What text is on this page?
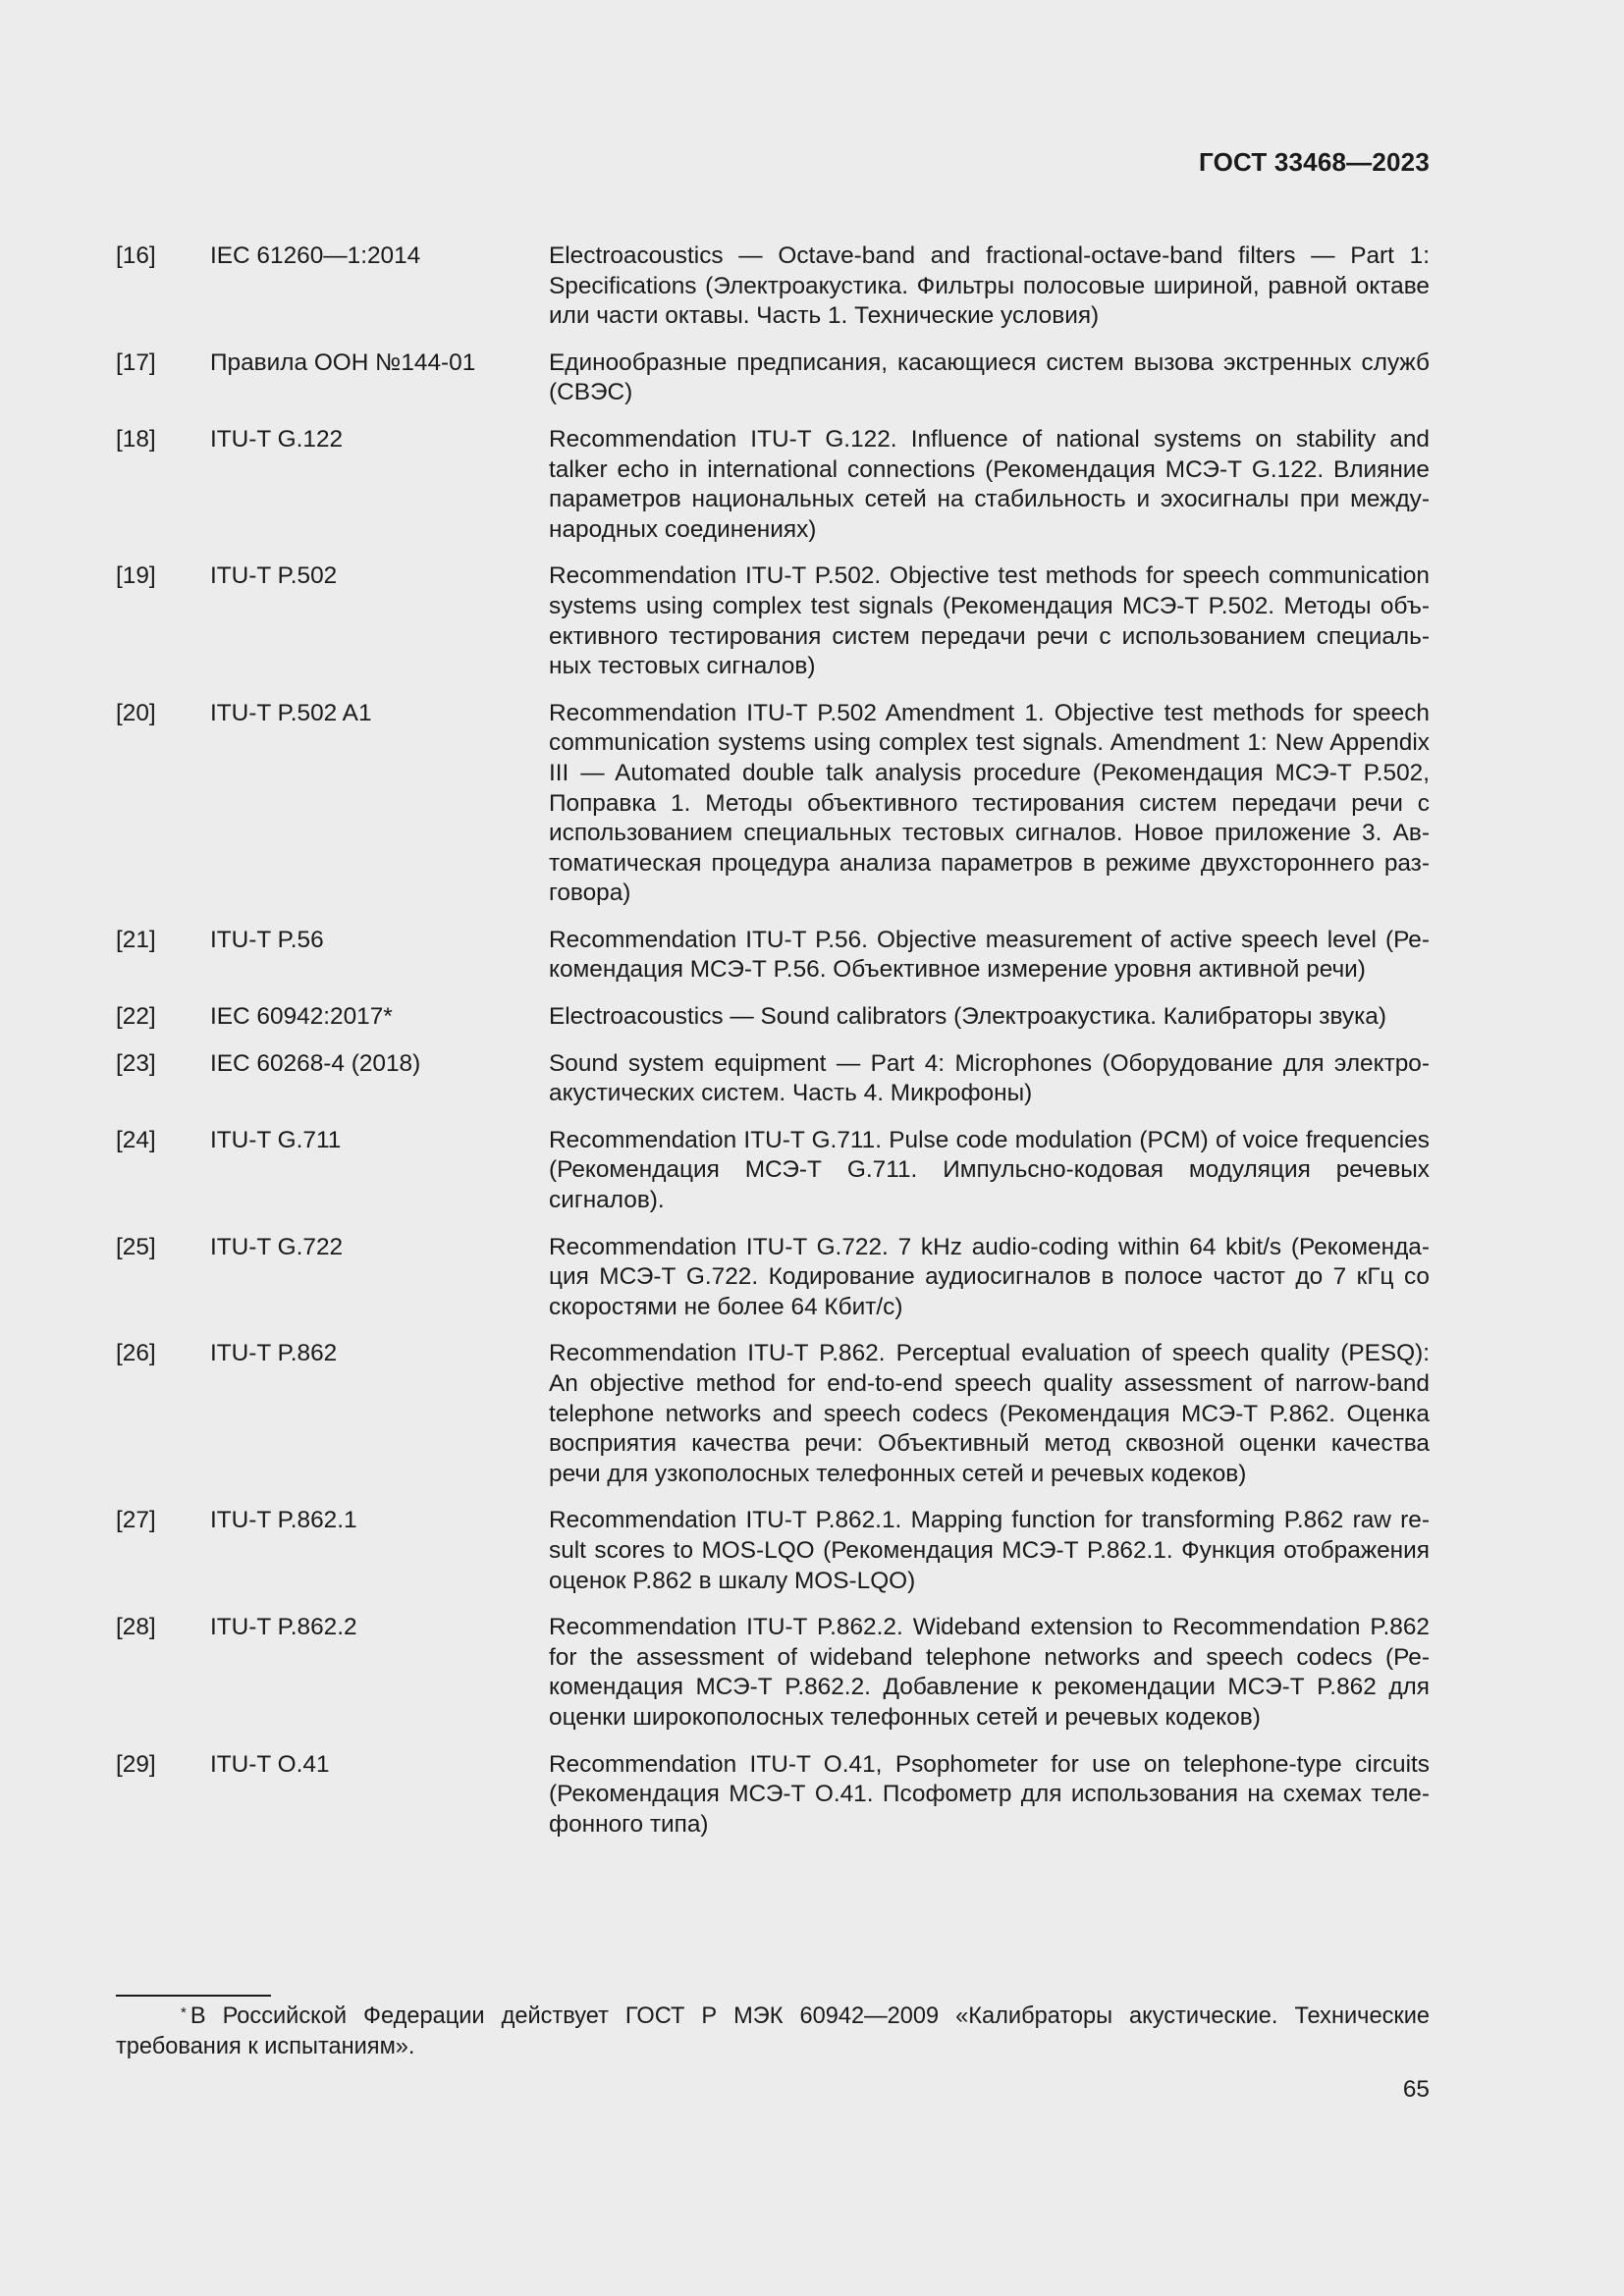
ГОСТ 33468—2023
[16]	IEC 61260—1:2014	Electroacoustics — Octave-band and fractional-octave-band filters — Part 1: Specifications (Электроакустика. Фильтры полосовые шириной, равной октаве или части октавы. Часть 1. Технические условия)
[17]	Правила ООН №144-01	Единообразные предписания, касающиеся систем вызова экстренных служб (СВЭС)
[18]	ITU-T G.122	Recommendation ITU-T G.122. Influence of national systems on stability and talker echo in international connections (Рекомендация МСЭ-Т G.122. Влияние параметров национальных сетей на стабильность и эхосигналы при международных соединениях)
[19]	ITU-T P.502	Recommendation ITU-T P.502. Objective test methods for speech communication systems using complex test signals (Рекомендация МСЭ-Т P.502. Методы объективного тестирования систем передачи речи с использованием специальных тестовых сигналов)
[20]	ITU-T P.502 A1	Recommendation ITU-T P.502 Amendment 1. Objective test methods for speech communication systems using complex test signals. Amendment 1: New Appendix III — Automated double talk analysis procedure (Рекомендация МСЭ-Т P.502, Поправка 1. Методы объективного тестирования систем передачи речи с использованием специальных тестовых сигналов. Новое приложение 3. Автоматическая процедура анализа параметров в режиме двухстороннего разговора)
[21]	ITU-T P.56	Recommendation ITU-T P.56. Objective measurement of active speech level (Рекомендация МСЭ-Т P.56. Объективное измерение уровня активной речи)
[22]	IEC 60942:2017*	Electroacoustics — Sound calibrators (Электроакустика. Калибраторы звука)
[23]	IEC 60268-4 (2018)	Sound system equipment — Part 4: Microphones (Оборудование для электроакустических систем. Часть 4. Микрофоны)
[24]	ITU-T G.711	Recommendation ITU-T G.711. Pulse code modulation (PCM) of voice frequencies (Рекомендация МСЭ-Т G.711. Импульсно-кодовая модуляция речевых сигналов).
[25]	ITU-T G.722	Recommendation ITU-T G.722. 7 kHz audio-coding within 64 kbit/s (Рекомендация МСЭ-Т G.722. Кодирование аудиосигналов в полосе частот до 7 кГц со скоростями не более 64 Кбит/с)
[26]	ITU-T P.862	Recommendation ITU-T P.862. Perceptual evaluation of speech quality (PESQ): An objective method for end-to-end speech quality assessment of narrow-band telephone networks and speech codecs (Рекомендация МСЭ-Т P.862. Оценка восприятия качества речи: Объективный метод сквозной оценки качества речи для узкополосных телефонных сетей и речевых кодеков)
[27]	ITU-T P.862.1	Recommendation ITU-T P.862.1. Mapping function for transforming P.862 raw result scores to MOS-LQO (Рекомендация МСЭ-Т P.862.1. Функция отображения оценок P.862 в шкалу MOS-LQO)
[28]	ITU-T P.862.2	Recommendation ITU-T P.862.2. Wideband extension to Recommendation P.862 for the assessment of wideband telephone networks and speech codecs (Рекомендация МСЭ-Т P.862.2. Добавление к рекомендации МСЭ-Т P.862 для оценки широкополосных телефонных сетей и речевых кодеков)
[29]	ITU-T O.41	Recommendation ITU-T O.41, Psophometer for use on telephone-type circuits (Рекомендация МСЭ-Т O.41. Псофометр для использования на схемах телефонного типа)
* В Российской Федерации действует ГОСТ Р МЭК 60942—2009 «Калибраторы акустические. Технические требования к испытаниям».
65
